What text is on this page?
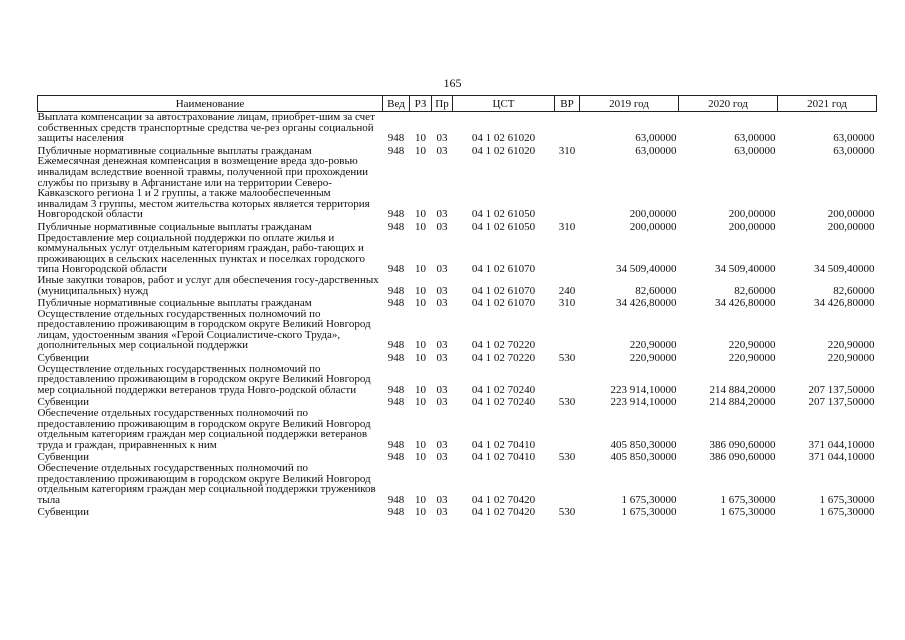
165
Наименование	Вед	РЗ	Пр	ЦСТ	ВР	2019 год	2020 год	2021 год
Выплата компенсации за автострахование лицам, приобрет-шим за счет собственных средств транспортные средства че-рез органы социальной защиты населения	948	10	03	04 1 02 61020		63,00000	63,00000	63,00000
Публичные нормативные социальные выплаты гражданам	948	10	03	04 1 02 61020	310	63,00000	63,00000	63,00000
Ежемесячная денежная компенсация в возмещение вреда здо-ровью инвалидам вследствие военной травмы, полученной при прохождении службы по призыву в Афганистане или на территории Северо-Кавказского региона 1 и 2 группы, а также малообеспеченным инвалидам 3 группы, местом жительства которых является территория Новгородской области	948	10	03	04 1 02 61050		200,00000	200,00000	200,00000
Публичные нормативные социальные выплаты гражданам	948	10	03	04 1 02 61050	310	200,00000	200,00000	200,00000
Предоставление мер социальной поддержки по оплате жилья и коммунальных услуг отдельным категориям граждан, рабо-тающих и проживающих в сельских населенных пунктах и поселках городского типа Новгородской области	948	10	03	04 1 02 61070		34 509,40000	34 509,40000	34 509,40000
Иные закупки товаров, работ и услуг для обеспечения госу-дарственных (муниципальных) нужд	948	10	03	04 1 02 61070	240	82,60000	82,60000	82,60000
Публичные нормативные социальные выплаты гражданам	948	10	03	04 1 02 61070	310	34 426,80000	34 426,80000	34 426,80000
Осуществление отдельных государственных полномочий по предоставлению проживающим в городском округе Великий Новгород лицам, удостоенным звания «Герой Социалистиче-ского Труда», дополнительных мер социальной поддержки	948	10	03	04 1 02 70220		220,90000	220,90000	220,90000
Субвенции	948	10	03	04 1 02 70220	530	220,90000	220,90000	220,90000
Осуществление отдельных государственных полномочий по предоставлению проживающим в городском округе Великий Новгород мер социальной поддержки ветеранов труда Новго-родской области	948	10	03	04 1 02 70240		223 914,10000	214 884,20000	207 137,50000
Субвенции	948	10	03	04 1 02 70240	530	223 914,10000	214 884,20000	207 137,50000
Обеспечение отдельных государственных полномочий по предоставлению проживающим в городском округе Великий Новгород отдельным категориям граждан мер социальной поддержки ветеранов труда и граждан, приравненных к ним	948	10	03	04 1 02 70410		405 850,30000	386 090,60000	371 044,10000
Субвенции	948	10	03	04 1 02 70410	530	405 850,30000	386 090,60000	371 044,10000
Обеспечение отдельных государственных полномочий по предоставлению проживающим в городском округе Великий Новгород отдельным категориям граждан мер социальной поддержки тружеников тыла	948	10	03	04 1 02 70420		1 675,30000	1 675,30000	1 675,30000
Субвенции	948	10	03	04 1 02 70420	530	1 675,30000	1 675,30000	1 675,30000
